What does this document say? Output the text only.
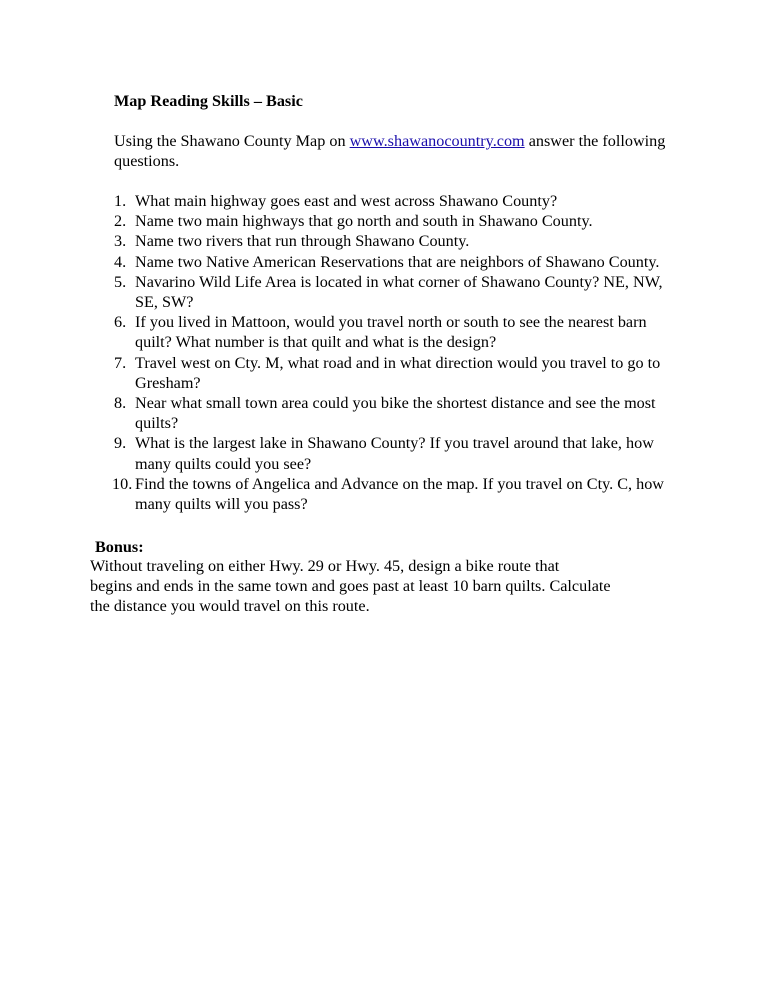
Map Reading Skills – Basic
Using the Shawano County Map on www.shawanocountry.com answer the following questions.
1. What main highway goes east and west across Shawano County?
2. Name two main highways that go north and south in Shawano County.
3. Name two rivers that run through Shawano County.
4. Name two Native American Reservations that are neighbors of Shawano County.
5. Navarino Wild Life Area is located in what corner of Shawano County? NE, NW, SE, SW?
6. If you lived in Mattoon, would you travel north or south to see the nearest barn quilt? What number is that quilt and what is the design?
7. Travel west on Cty. M, what road and in what direction would you travel to go to Gresham?
8. Near what small town area could you bike the shortest distance and see the most quilts?
9. What is the largest lake in Shawano County? If you travel around that lake, how many quilts could you see?
10. Find the towns of Angelica and Advance on the map. If you travel on Cty. C, how many quilts will you pass?
Bonus:
Without traveling on either Hwy. 29 or Hwy. 45, design a bike route that
begins and ends in the same town and goes past at least 10 barn quilts. Calculate
the distance you would travel on this route.
